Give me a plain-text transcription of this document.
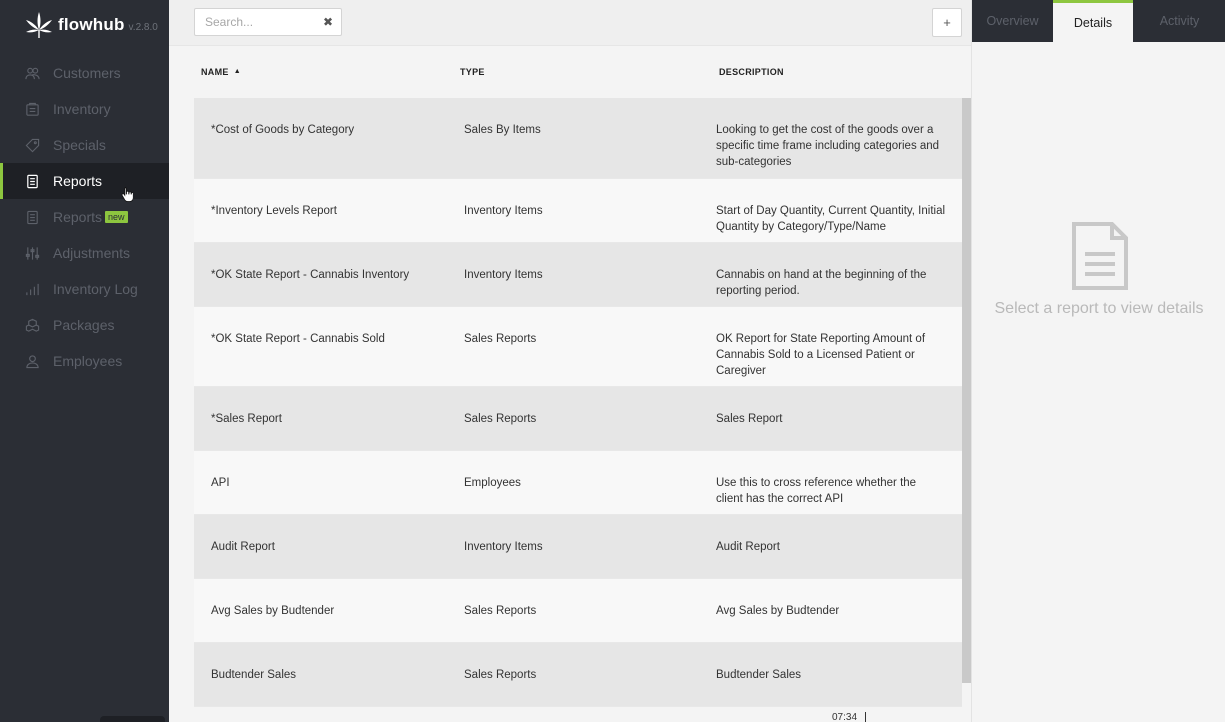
flowhub v.2.8.0
Customers
Inventory
Specials
Reports
Reports new
Adjustments
Inventory Log
Packages
Employees
Search...
✖	+
NAME ▲	TYPE	DESCRIPTION
*Cost of Goods by Category	Sales By Items	Looking to get the cost of the goods over a specific time frame including categories and sub-categories
*Inventory Levels Report	Inventory Items	Start of Day Quantity, Current Quantity, Initial Quantity by Category/Type/Name
*OK State Report - Cannabis Inventory	Inventory Items	Cannabis on hand at the beginning of the reporting period.
*OK State Report - Cannabis Sold	Sales Reports	OK Report for State Reporting Amount of Cannabis Sold to a Licensed Patient or Caregiver
*Sales Report	Sales Reports	Sales Report
API	Employees	Use this to cross reference whether the client has the correct API
Audit Report	Inventory Items	Audit Report
Avg Sales by Budtender	Sales Reports	Avg Sales by Budtender
Budtender Sales	Sales Reports	Budtender Sales
07:34
Overview	Details	Activity
Select a report to view details
